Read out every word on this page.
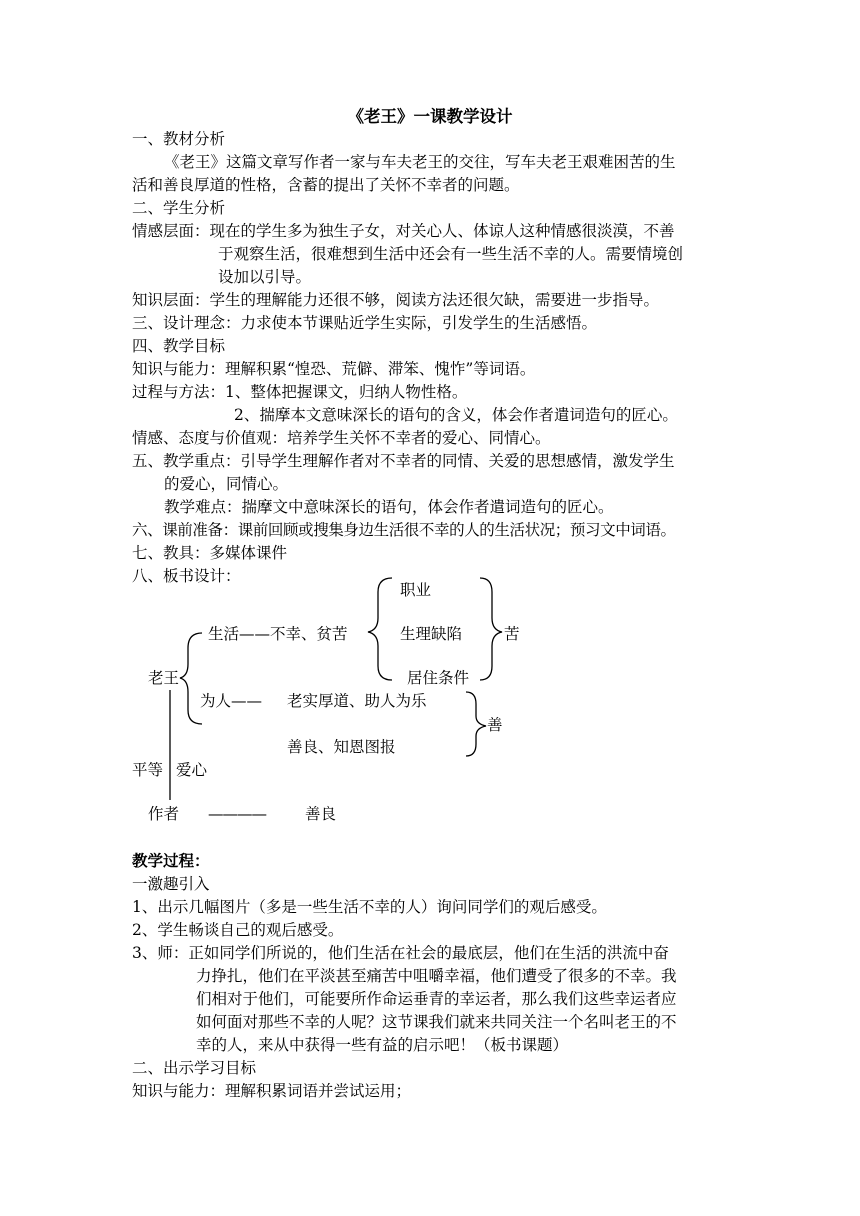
《老王》一课教学设计
一、教材分析
《老王》这篇文章写作者一家与车夫老王的交往，写车夫老王艰难困苦的生
活和善良厚道的性格，含蓄的提出了关怀不幸者的问题。
二、学生分析
情感层面：现在的学生多为独生子女，对关心人、体谅人这种情感很淡漠，不善
于观察生活，很难想到生活中还会有一些生活不幸的人。需要情境创
设加以引导。
知识层面：学生的理解能力还很不够，阅读方法还很欠缺，需要进一步指导。
三、设计理念：力求使本节课贴近学生实际，引发学生的生活感悟。
四、教学目标
知识与能力：理解积累“惶恐、荒僻、滞笨、愧怍”等词语。
过程与方法：1、整体把握课文，归纳人物性格。
2、揣摩本文意味深长的语句的含义，体会作者遣词造句的匠心。
情感、态度与价值观：培养学生关怀不幸者的爱心、同情心。
五、教学重点：引导学生理解作者对不幸者的同情、关爱的思想感情，激发学生
的爱心，同情心。
教学难点：揣摩文中意味深长的语句，体会作者遣词造句的匠心。
六、课前准备：课前回顾或搜集身边生活很不幸的人的生活状况；预习文中词语。
七、教具：多媒体课件
八、板书设计：
职业
生活——不幸、贫苦	生理缺陷	苦
老王	居住条件
为人—— 老实厚道、助人为乐
善
善良、知恩图报
平等 爱心
作者 ————	善良
教学过程：
一激趣引入
1、出示几幅图片（多是一些生活不幸的人）询问同学们的观后感受。
2、学生畅谈自己的观后感受。
3、师：正如同学们所说的，他们生活在社会的最底层，他们在生活的洪流中奋
力挣扎，他们在平淡甚至痛苦中咀嚼幸福，他们遭受了很多的不幸。我
们相对于他们，可能要所作命运垂青的幸运者，那么我们这些幸运者应
如何面对那些不幸的人呢？这节课我们就来共同关注一个名叫老王的不
幸的人，来从中获得一些有益的启示吧！（板书课题）
二、出示学习目标
知识与能力：理解积累词语并尝试运用；
